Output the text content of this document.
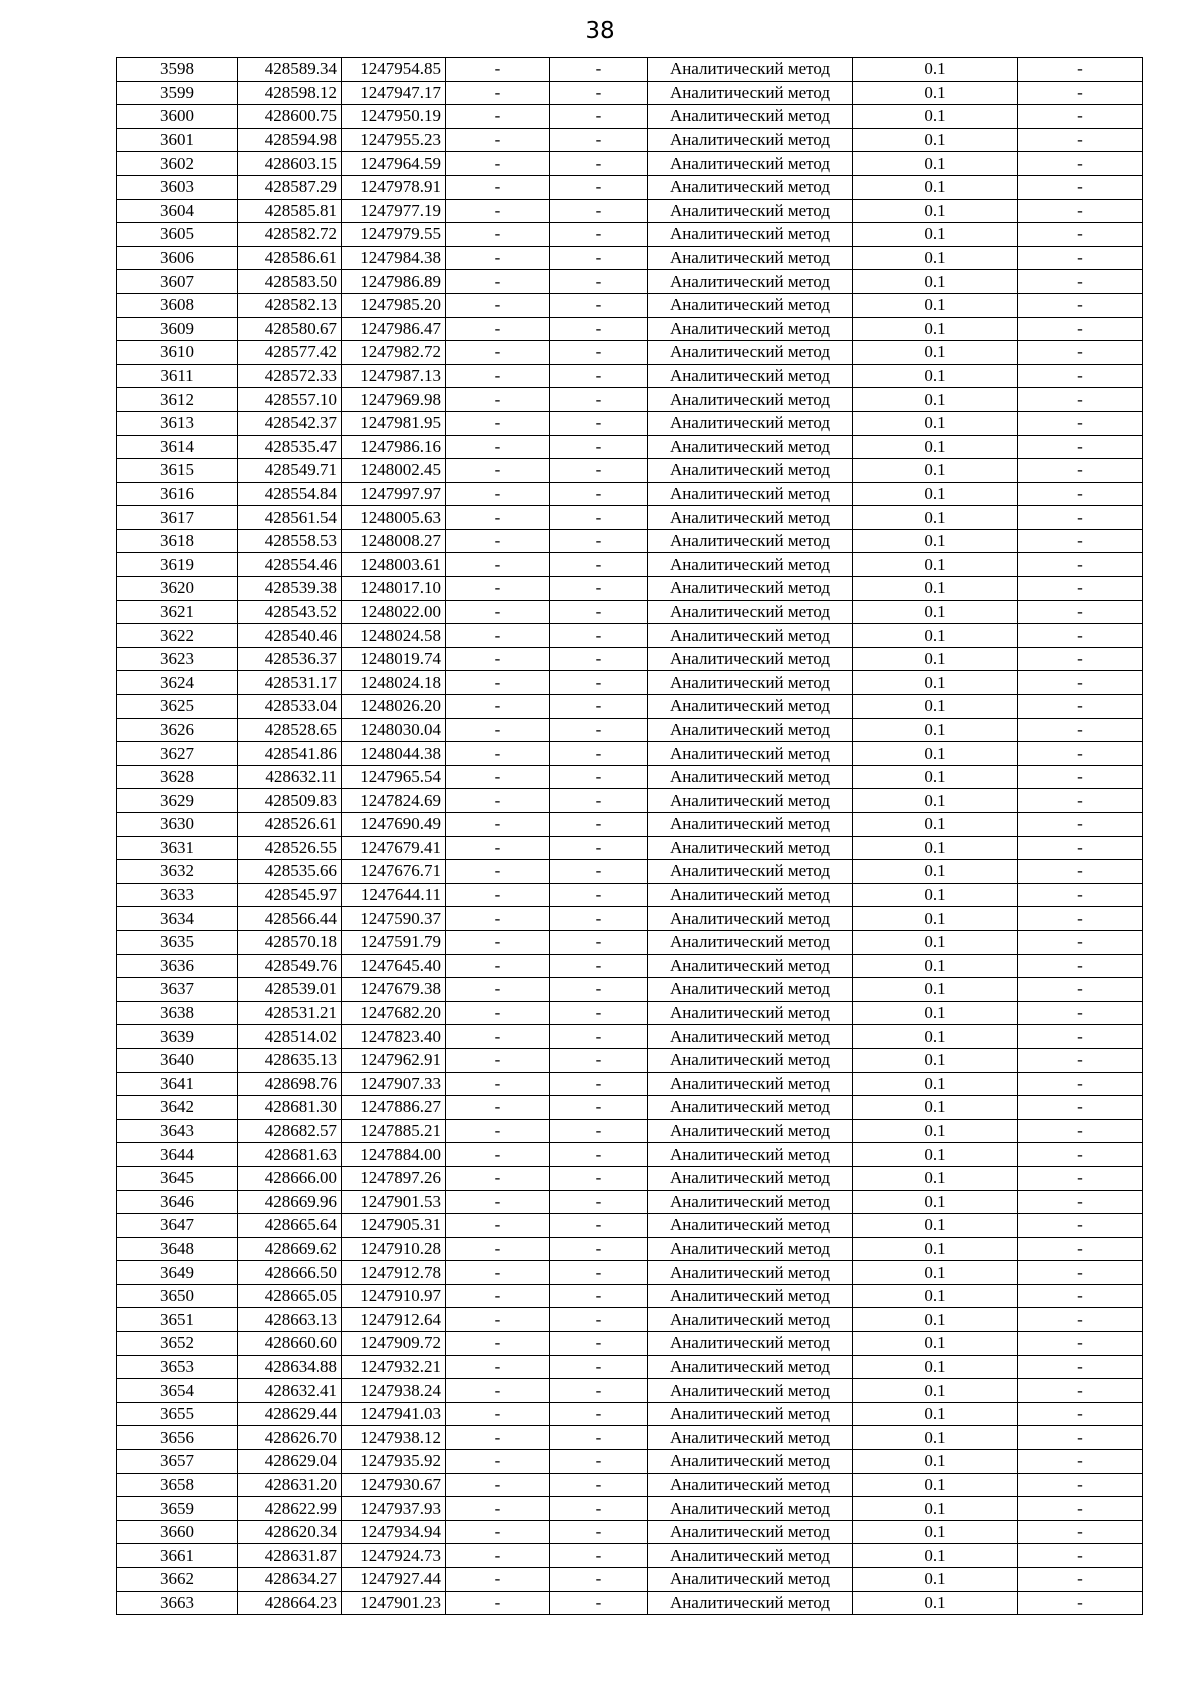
38
3598	428589.34	1247954.85	-	-	Аналитический метод	0.1	-
3599	428598.12	1247947.17	-	-	Аналитический метод	0.1	-
3600	428600.75	1247950.19	-	-	Аналитический метод	0.1	-
3601	428594.98	1247955.23	-	-	Аналитический метод	0.1	-
3602	428603.15	1247964.59	-	-	Аналитический метод	0.1	-
3603	428587.29	1247978.91	-	-	Аналитический метод	0.1	-
3604	428585.81	1247977.19	-	-	Аналитический метод	0.1	-
3605	428582.72	1247979.55	-	-	Аналитический метод	0.1	-
3606	428586.61	1247984.38	-	-	Аналитический метод	0.1	-
3607	428583.50	1247986.89	-	-	Аналитический метод	0.1	-
3608	428582.13	1247985.20	-	-	Аналитический метод	0.1	-
3609	428580.67	1247986.47	-	-	Аналитический метод	0.1	-
3610	428577.42	1247982.72	-	-	Аналитический метод	0.1	-
3611	428572.33	1247987.13	-	-	Аналитический метод	0.1	-
3612	428557.10	1247969.98	-	-	Аналитический метод	0.1	-
3613	428542.37	1247981.95	-	-	Аналитический метод	0.1	-
3614	428535.47	1247986.16	-	-	Аналитический метод	0.1	-
3615	428549.71	1248002.45	-	-	Аналитический метод	0.1	-
3616	428554.84	1247997.97	-	-	Аналитический метод	0.1	-
3617	428561.54	1248005.63	-	-	Аналитический метод	0.1	-
3618	428558.53	1248008.27	-	-	Аналитический метод	0.1	-
3619	428554.46	1248003.61	-	-	Аналитический метод	0.1	-
3620	428539.38	1248017.10	-	-	Аналитический метод	0.1	-
3621	428543.52	1248022.00	-	-	Аналитический метод	0.1	-
3622	428540.46	1248024.58	-	-	Аналитический метод	0.1	-
3623	428536.37	1248019.74	-	-	Аналитический метод	0.1	-
3624	428531.17	1248024.18	-	-	Аналитический метод	0.1	-
3625	428533.04	1248026.20	-	-	Аналитический метод	0.1	-
3626	428528.65	1248030.04	-	-	Аналитический метод	0.1	-
3627	428541.86	1248044.38	-	-	Аналитический метод	0.1	-
3628	428632.11	1247965.54	-	-	Аналитический метод	0.1	-
3629	428509.83	1247824.69	-	-	Аналитический метод	0.1	-
3630	428526.61	1247690.49	-	-	Аналитический метод	0.1	-
3631	428526.55	1247679.41	-	-	Аналитический метод	0.1	-
3632	428535.66	1247676.71	-	-	Аналитический метод	0.1	-
3633	428545.97	1247644.11	-	-	Аналитический метод	0.1	-
3634	428566.44	1247590.37	-	-	Аналитический метод	0.1	-
3635	428570.18	1247591.79	-	-	Аналитический метод	0.1	-
3636	428549.76	1247645.40	-	-	Аналитический метод	0.1	-
3637	428539.01	1247679.38	-	-	Аналитический метод	0.1	-
3638	428531.21	1247682.20	-	-	Аналитический метод	0.1	-
3639	428514.02	1247823.40	-	-	Аналитический метод	0.1	-
3640	428635.13	1247962.91	-	-	Аналитический метод	0.1	-
3641	428698.76	1247907.33	-	-	Аналитический метод	0.1	-
3642	428681.30	1247886.27	-	-	Аналитический метод	0.1	-
3643	428682.57	1247885.21	-	-	Аналитический метод	0.1	-
3644	428681.63	1247884.00	-	-	Аналитический метод	0.1	-
3645	428666.00	1247897.26	-	-	Аналитический метод	0.1	-
3646	428669.96	1247901.53	-	-	Аналитический метод	0.1	-
3647	428665.64	1247905.31	-	-	Аналитический метод	0.1	-
3648	428669.62	1247910.28	-	-	Аналитический метод	0.1	-
3649	428666.50	1247912.78	-	-	Аналитический метод	0.1	-
3650	428665.05	1247910.97	-	-	Аналитический метод	0.1	-
3651	428663.13	1247912.64	-	-	Аналитический метод	0.1	-
3652	428660.60	1247909.72	-	-	Аналитический метод	0.1	-
3653	428634.88	1247932.21	-	-	Аналитический метод	0.1	-
3654	428632.41	1247938.24	-	-	Аналитический метод	0.1	-
3655	428629.44	1247941.03	-	-	Аналитический метод	0.1	-
3656	428626.70	1247938.12	-	-	Аналитический метод	0.1	-
3657	428629.04	1247935.92	-	-	Аналитический метод	0.1	-
3658	428631.20	1247930.67	-	-	Аналитический метод	0.1	-
3659	428622.99	1247937.93	-	-	Аналитический метод	0.1	-
3660	428620.34	1247934.94	-	-	Аналитический метод	0.1	-
3661	428631.87	1247924.73	-	-	Аналитический метод	0.1	-
3662	428634.27	1247927.44	-	-	Аналитический метод	0.1	-
3663	428664.23	1247901.23	-	-	Аналитический метод	0.1	-
